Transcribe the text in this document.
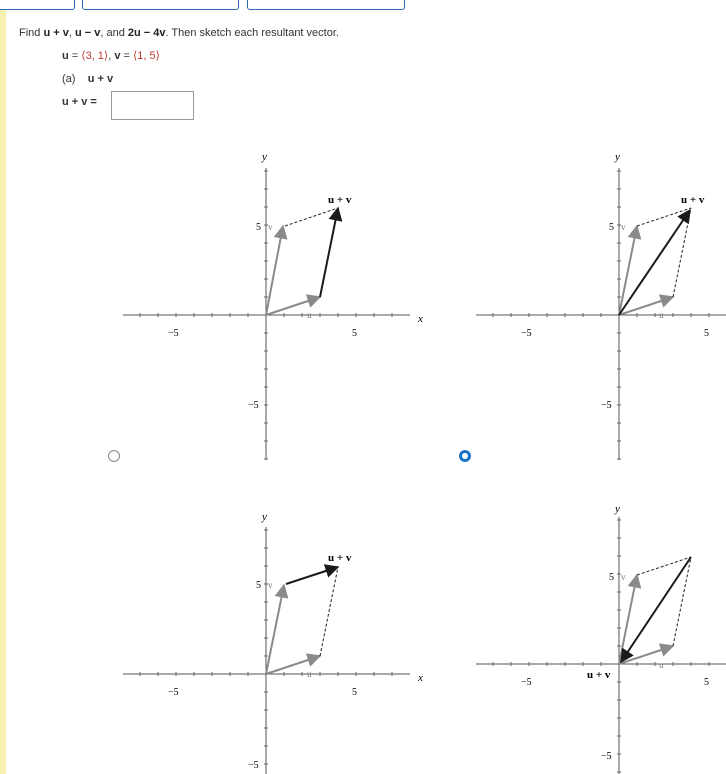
Find u + v, u − v, and 2u − 4v. Then sketch each resultant vector.
u = ⟨3, 1⟩, v = ⟨1, 5⟩
(a) u + v
u + v =
x
y
−5	5
5
−5
v
u
u + v
y
−5	5
5
−5
v
u
u + v
x
y
−5	5
5
−5
v
u
u + v
y
−5	5
5
−5
v
u
u + v
